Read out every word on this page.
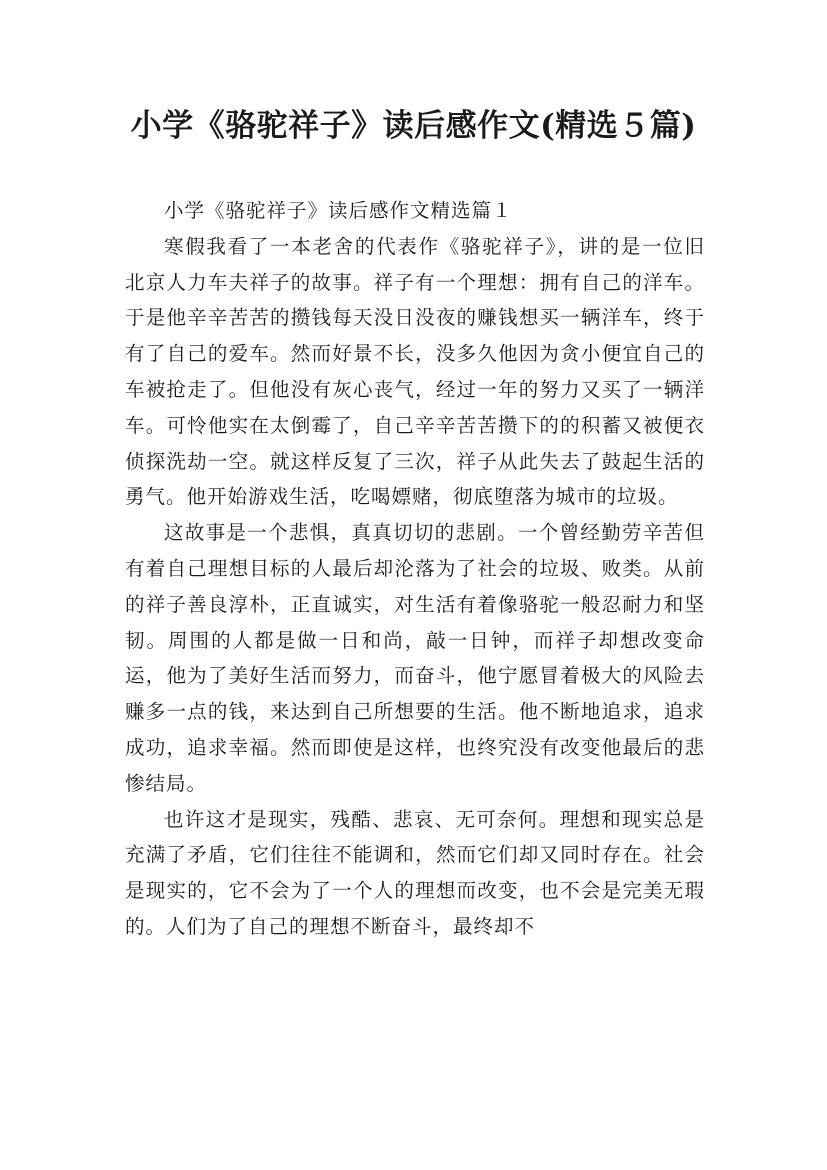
小学《骆驼祥子》读后感作文(精选５篇)

小学《骆驼祥子》读后感作文精选篇１

寒假我看了一本老舍的代表作《骆驼祥子》，讲的是一位旧北京人力车夫祥子的故事。祥子有一个理想：拥有自己的洋车。于是他辛辛苦苦的攒钱每天没日没夜的赚钱想买一辆洋车，终于有了自己的爱车。然而好景不长，没多久他因为贪小便宜自己的车被抢走了。但他没有灰心丧气，经过一年的努力又买了一辆洋车。可怜他实在太倒霉了，自己辛辛苦苦攒下的的积蓄又被便衣侦探洗劫一空。就这样反复了三次，祥子从此失去了鼓起生活的勇气。他开始游戏生活，吃喝嫖赌，彻底堕落为城市的垃圾。

这故事是一个悲惧，真真切切的悲剧。一个曾经勤劳辛苦但有着自己理想目标的人最后却沦落为了社会的垃圾、败类。从前的祥子善良淳朴，正直诚实，对生活有着像骆驼一般忍耐力和坚韧。周围的人都是做一日和尚，敲一日钟，而祥子却想改变命运，他为了美好生活而努力，而奋斗，他宁愿冒着极大的风险去赚多一点的钱，来达到自己所想要的生活。他不断地追求，追求成功，追求幸福。然而即使是这样，也终究没有改变他最后的悲惨结局。

也许这才是现实，残酷、悲哀、无可奈何。理想和现实总是充满了矛盾，它们往往不能调和，然而它们却又同时存在。社会是现实的，它不会为了一个人的理想而改变，也不会是完美无瑕的。人们为了自己的理想不断奋斗，最终却不
